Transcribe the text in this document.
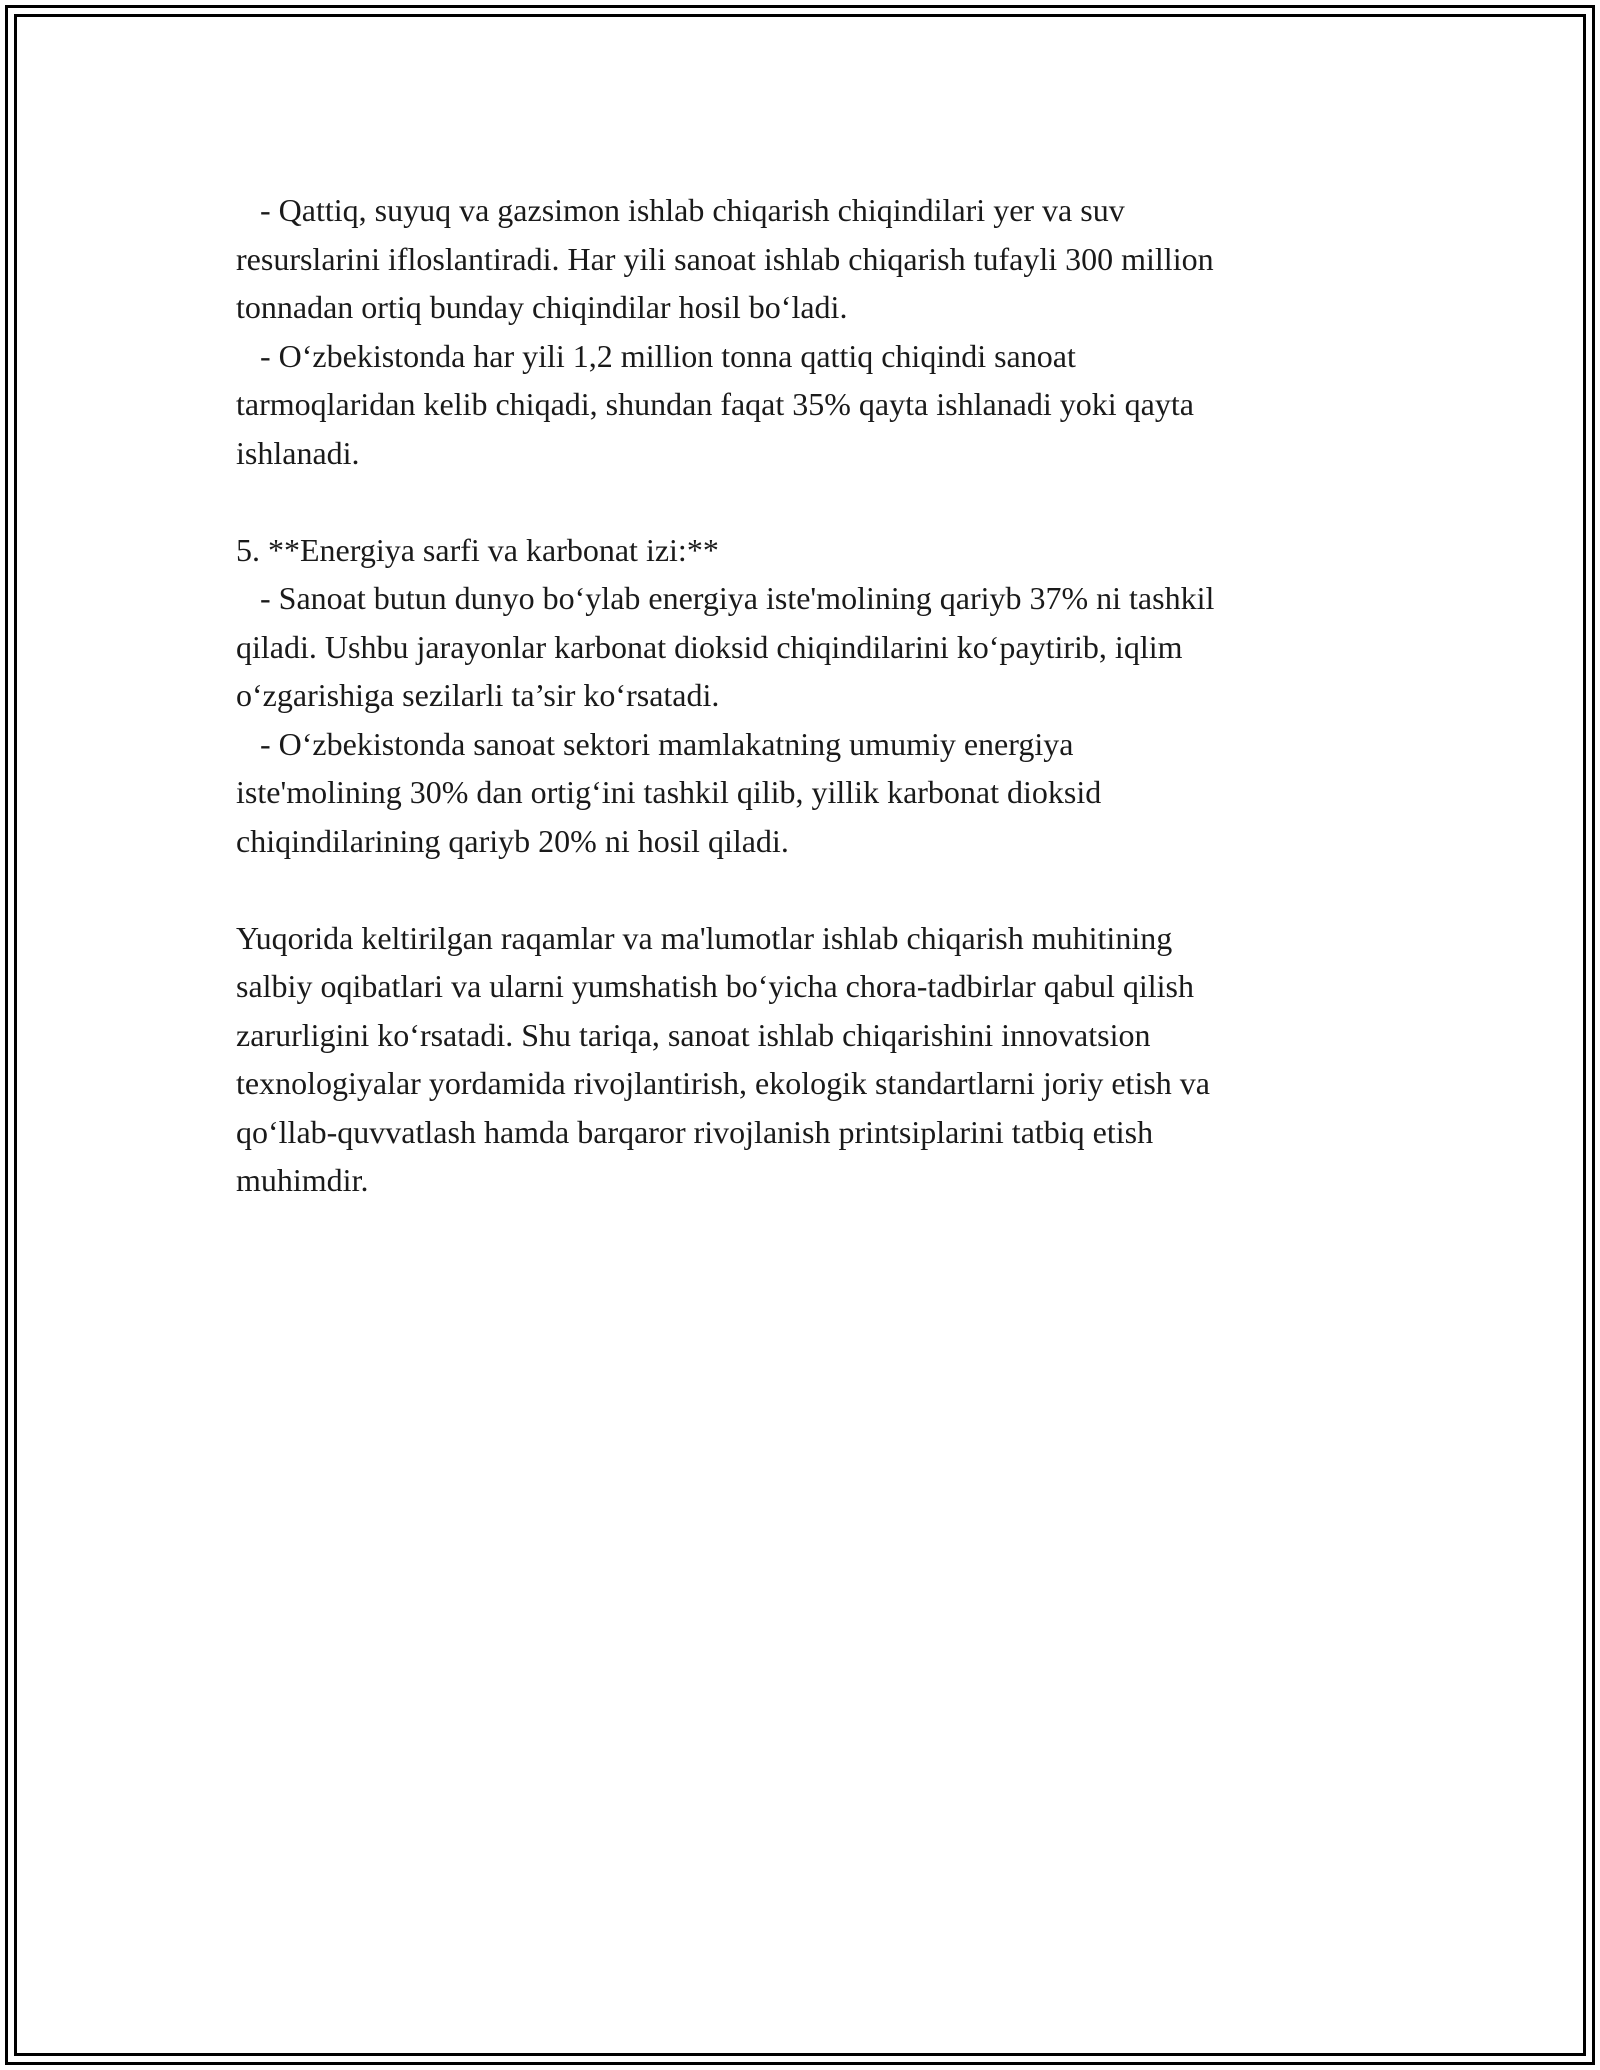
- Qattiq, suyuq va gazsimon ishlab chiqarish chiqindilari yer va suv
resurslarini ifloslantiradi. Har yili sanoat ishlab chiqarish tufayli 300 million
tonnadan ortiq bunday chiqindilar hosil bo‘ladi.
- O‘zbekistonda har yili 1,2 million tonna qattiq chiqindi sanoat
tarmoqlaridan kelib chiqadi, shundan faqat 35% qayta ishlanadi yoki qayta
ishlanadi.
5. **Energiya sarfi va karbonat izi:**
- Sanoat butun dunyo bo‘ylab energiya iste'molining qariyb 37% ni tashkil
qiladi. Ushbu jarayonlar karbonat dioksid chiqindilarini ko‘paytirib, iqlim
o‘zgarishiga sezilarli ta’sir ko‘rsatadi.
- O‘zbekistonda sanoat sektori mamlakatning umumiy energiya
iste'molining 30% dan ortig‘ini tashkil qilib, yillik karbonat dioksid
chiqindilarining qariyb 20% ni hosil qiladi.
Yuqorida keltirilgan raqamlar va ma'lumotlar ishlab chiqarish muhitining
salbiy oqibatlari va ularni yumshatish bo‘yicha chora-tadbirlar qabul qilish
zarurligini ko‘rsatadi. Shu tariqa, sanoat ishlab chiqarishini innovatsion
texnologiyalar yordamida rivojlantirish, ekologik standartlarni joriy etish va
qo‘llab-quvvatlash hamda barqaror rivojlanish printsiplarini tatbiq etish
muhimdir.
